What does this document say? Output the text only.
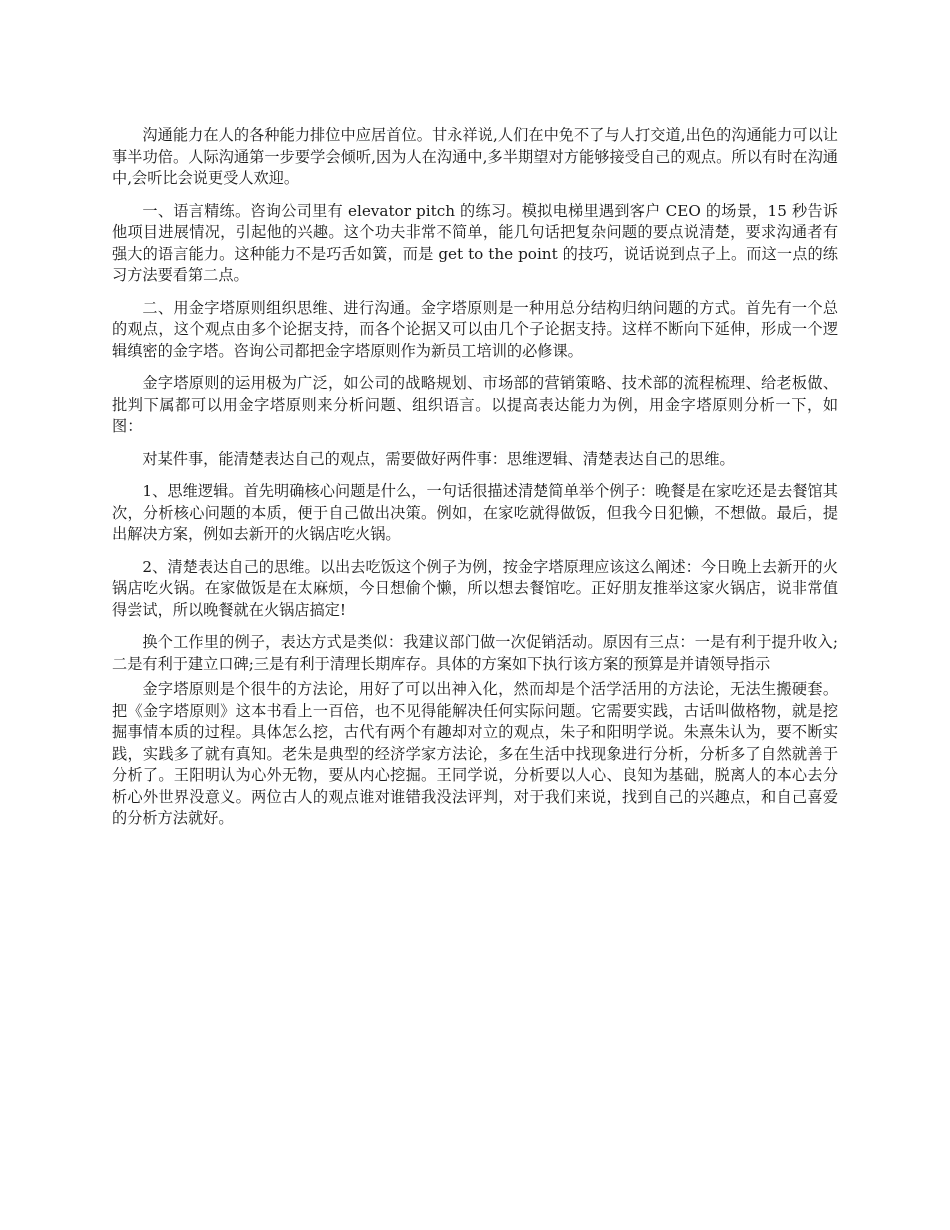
沟通能力在人的各种能力排位中应居首位。甘永祥说,人们在中免不了与人打交道,出色的沟通能力可以让事半功倍。人际沟通第一步要学会倾听,因为人在沟通中,多半期望对方能够接受自己的观点。所以有时在沟通中,会听比会说更受人欢迎。

一、语言精练。咨询公司里有 elevator pitch 的练习。模拟电梯里遇到客户 CEO 的场景，15 秒告诉他项目进展情况，引起他的兴趣。这个功夫非常不简单，能几句话把复杂问题的要点说清楚，要求沟通者有强大的语言能力。这种能力不是巧舌如簧，而是 get to the point 的技巧，说话说到点子上。而这一点的练习方法要看第二点。

二、用金字塔原则组织思维、进行沟通。金字塔原则是一种用总分结构归纳问题的方式。首先有一个总的观点，这个观点由多个论据支持，而各个论据又可以由几个子论据支持。这样不断向下延伸，形成一个逻辑缜密的金字塔。咨询公司都把金字塔原则作为新员工培训的必修课。

金字塔原则的运用极为广泛，如公司的战略规划、市场部的营销策略、技术部的流程梳理、给老板做、批判下属都可以用金字塔原则来分析问题、组织语言。以提高表达能力为例，用金字塔原则分析一下，如图：

对某件事，能清楚表达自己的观点，需要做好两件事：思维逻辑、清楚表达自己的思维。

1、思维逻辑。首先明确核心问题是什么，一句话很描述清楚简单举个例子：晚餐是在家吃还是去餐馆其次，分析核心问题的本质，便于自己做出决策。例如，在家吃就得做饭，但我今日犯懒，不想做。最后，提出解决方案，例如去新开的火锅店吃火锅。

2、清楚表达自己的思维。以出去吃饭这个例子为例，按金字塔原理应该这么阐述：今日晚上去新开的火锅店吃火锅。在家做饭是在太麻烦，今日想偷个懒，所以想去餐馆吃。正好朋友推举这家火锅店，说非常值得尝试，所以晚餐就在火锅店搞定!

换个工作里的例子，表达方式是类似：我建议部门做一次促销活动。原因有三点：一是有利于提升收入;二是有利于建立口碑;三是有利于清理长期库存。具体的方案如下执行该方案的预算是并请领导指示

金字塔原则是个很牛的方法论，用好了可以出神入化，然而却是个活学活用的方法论，无法生搬硬套。把《金字塔原则》这本书看上一百倍，也不见得能解决任何实际问题。它需要实践，古话叫做格物，就是挖掘事情本质的过程。具体怎么挖，古代有两个有趣却对立的观点，朱子和阳明学说。朱熹朱认为，要不断实践，实践多了就有真知。老朱是典型的经济学家方法论，多在生活中找现象进行分析，分析多了自然就善于分析了。王阳明认为心外无物，要从内心挖掘。王同学说，分析要以人心、良知为基础，脱离人的本心去分析心外世界没意义。两位古人的观点谁对谁错我没法评判，对于我们来说，找到自己的兴趣点，和自己喜爱的分析方法就好。
